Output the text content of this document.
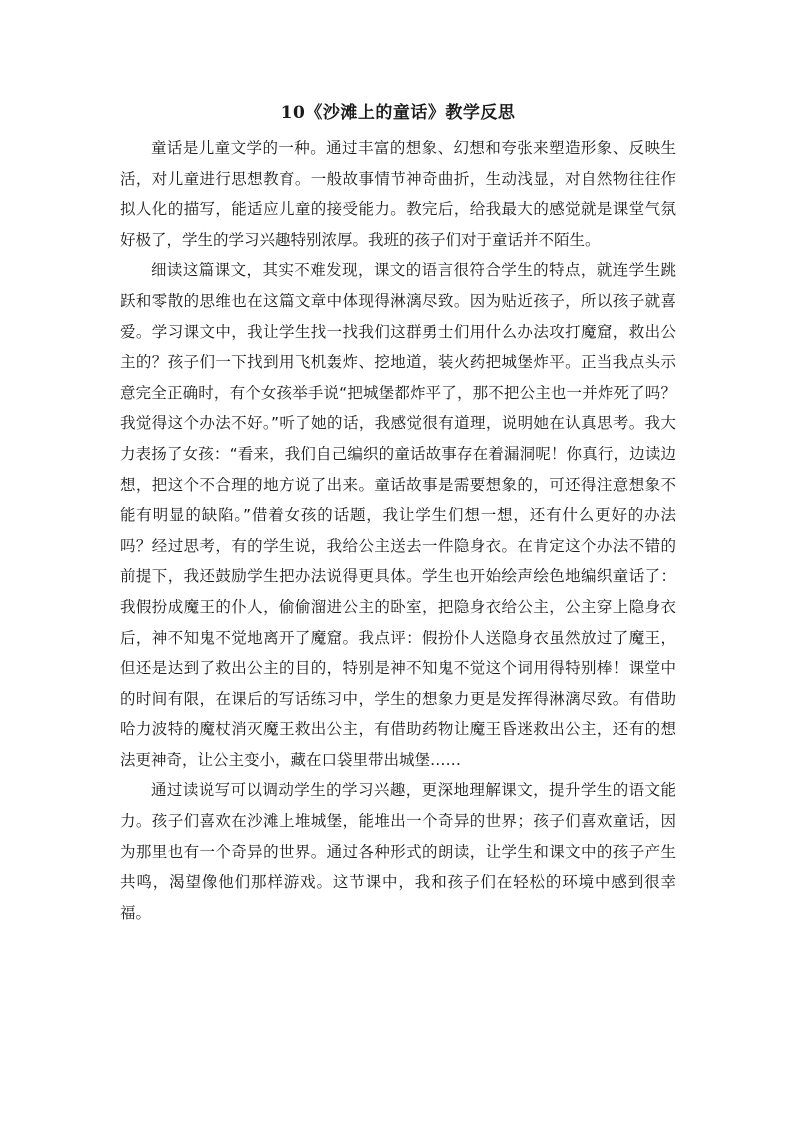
10《沙滩上的童话》教学反思

童话是儿童文学的一种。通过丰富的想象、幻想和夸张来塑造形象、反映生活，对儿童进行思想教育。一般故事情节神奇曲折，生动浅显，对自然物往往作拟人化的描写，能适应儿童的接受能力。教完后，给我最大的感觉就是课堂气氛好极了，学生的学习兴趣特别浓厚。我班的孩子们对于童话并不陌生。

细读这篇课文，其实不难发现，课文的语言很符合学生的特点，就连学生跳跃和零散的思维也在这篇文章中体现得淋漓尽致。因为贴近孩子，所以孩子就喜爱。学习课文中，我让学生找一找我们这群勇士们用什么办法攻打魔窟，救出公主的？孩子们一下找到用飞机轰炸、挖地道，装火药把城堡炸平。正当我点头示意完全正确时，有个女孩举手说“把城堡都炸平了，那不把公主也一并炸死了吗？我觉得这个办法不好。”听了她的话，我感觉很有道理，说明她在认真思考。我大力表扬了女孩：“看来，我们自己编织的童话故事存在着漏洞呢！你真行，边读边想，把这个不合理的地方说了出来。童话故事是需要想象的，可还得注意想象不能有明显的缺陷。”借着女孩的话题，我让学生们想一想，还有什么更好的办法吗？经过思考，有的学生说，我给公主送去一件隐身衣。在肯定这个办法不错的前提下，我还鼓励学生把办法说得更具体。学生也开始绘声绘色地编织童话了：我假扮成魔王的仆人，偷偷溜进公主的卧室，把隐身衣给公主，公主穿上隐身衣后，神不知鬼不觉地离开了魔窟。我点评：假扮仆人送隐身衣虽然放过了魔王，但还是达到了救出公主的目的，特别是神不知鬼不觉这个词用得特别棒！课堂中的时间有限，在课后的写话练习中，学生的想象力更是发挥得淋漓尽致。有借助哈力波特的魔杖消灭魔王救出公主，有借助药物让魔王昏迷救出公主，还有的想法更神奇，让公主变小，藏在口袋里带出城堡……

通过读说写可以调动学生的学习兴趣，更深地理解课文，提升学生的语文能力。孩子们喜欢在沙滩上堆城堡，能堆出一个奇异的世界；孩子们喜欢童话，因为那里也有一个奇异的世界。通过各种形式的朗读，让学生和课文中的孩子产生共鸣，渴望像他们那样游戏。这节课中，我和孩子们在轻松的环境中感到很幸福。
